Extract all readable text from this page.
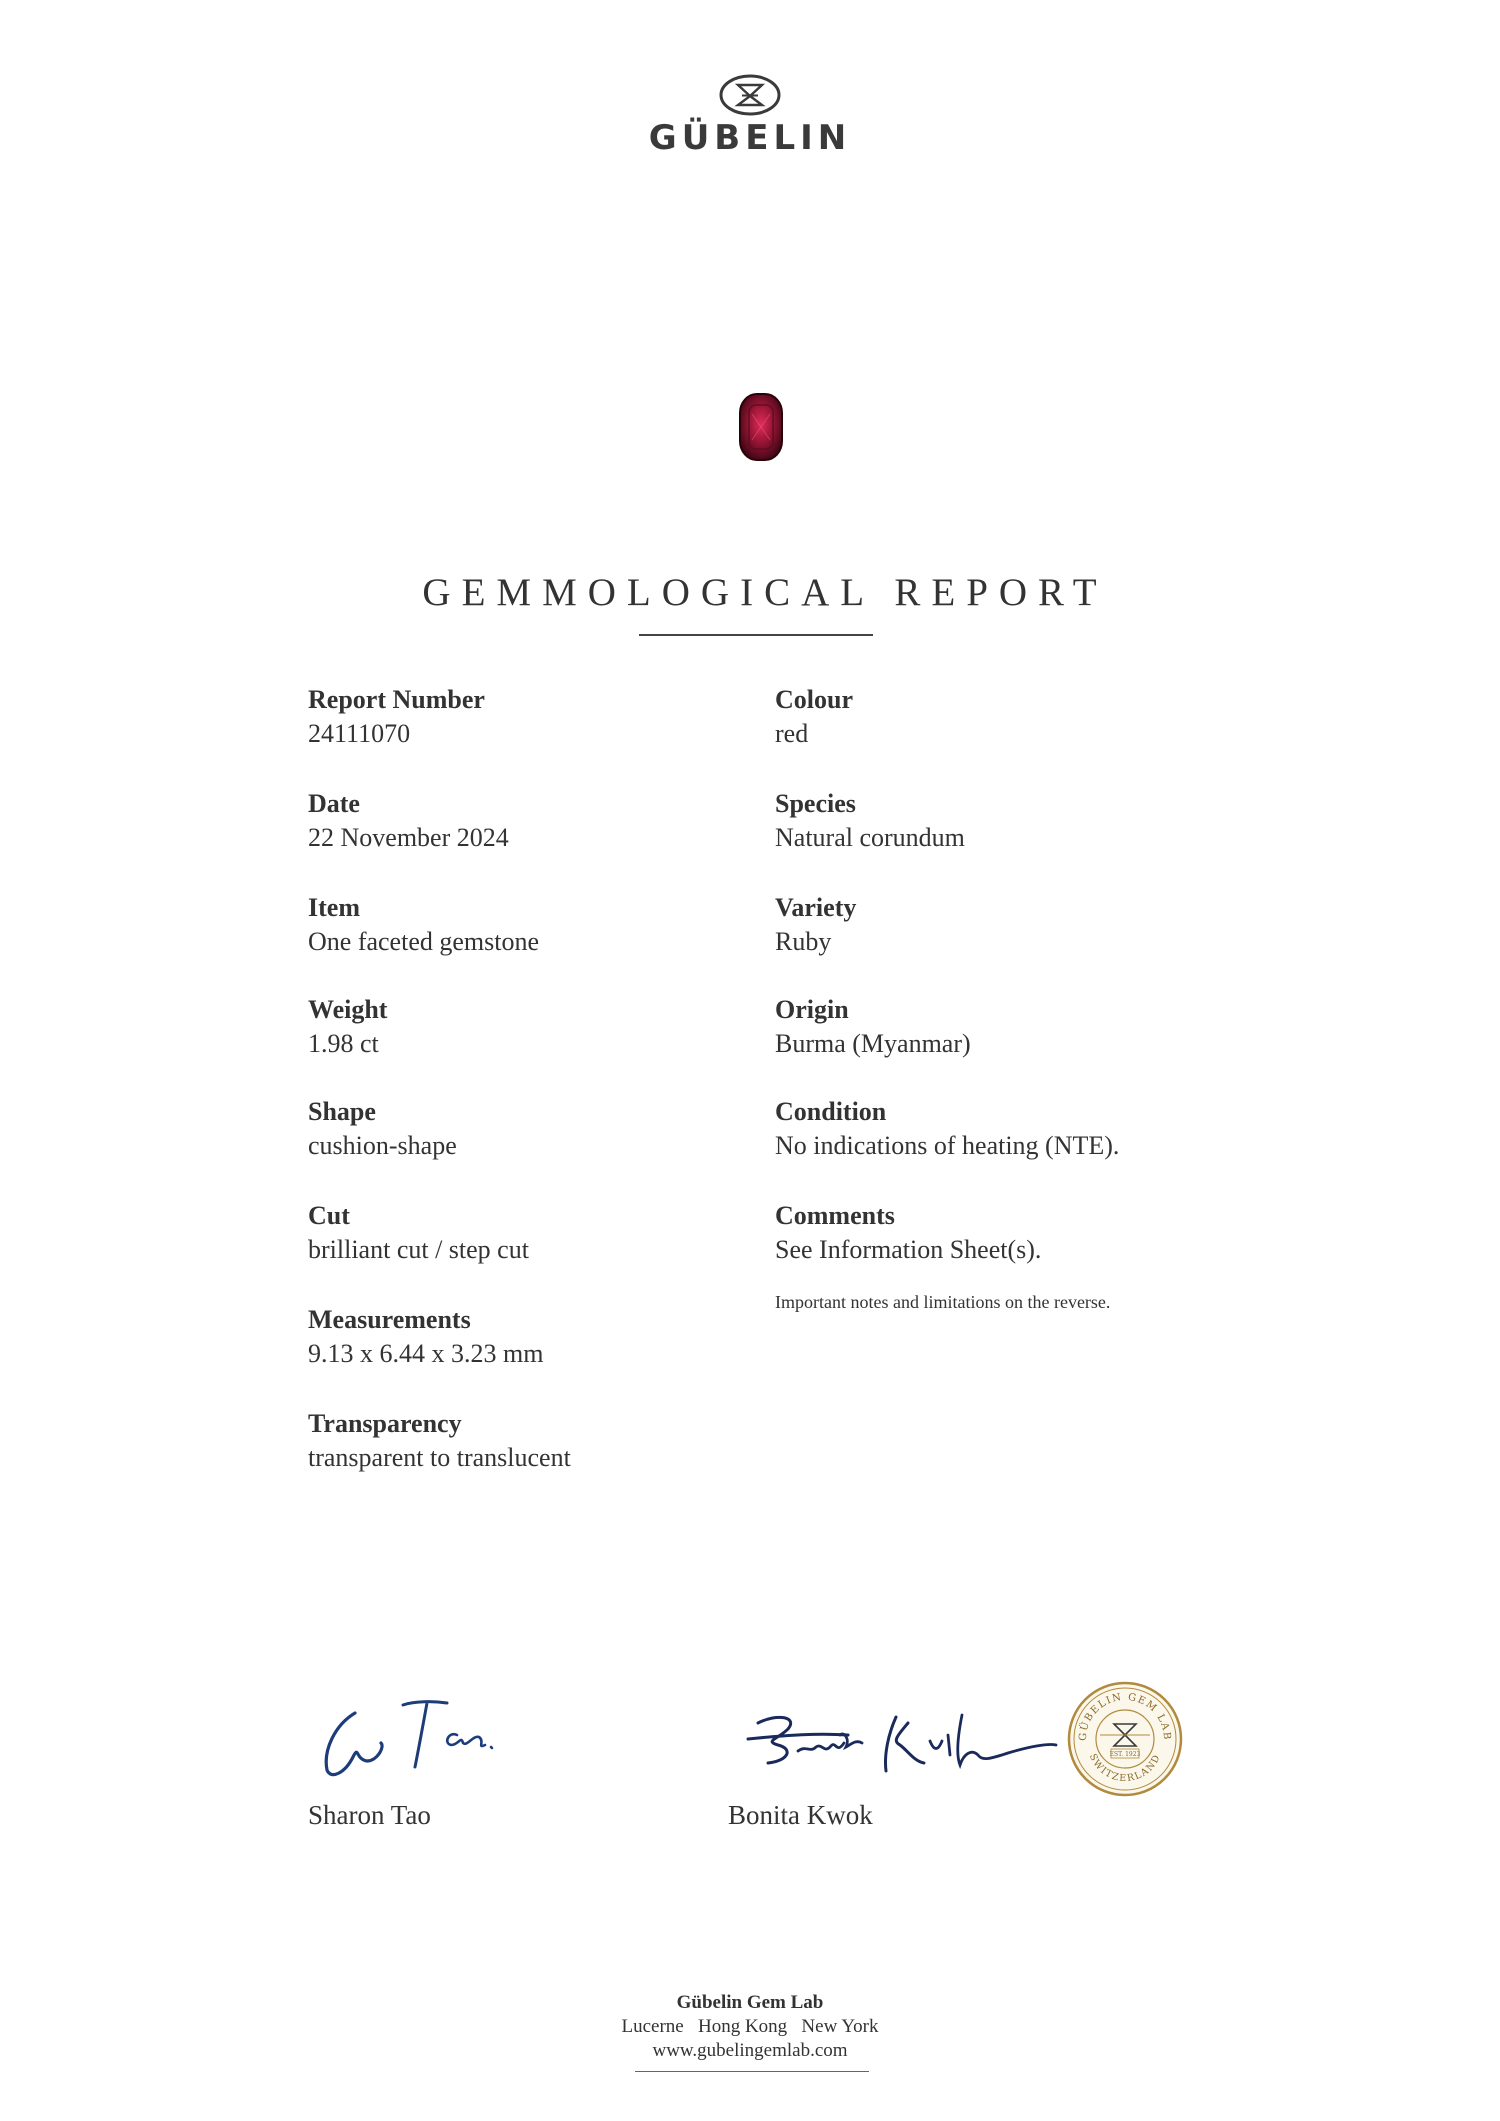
GÜBELIN
GEMMOLOGICAL REPORT
Report Number
24111070
Date
22 November 2024
Item
One faceted gemstone
Weight
1.98 ct
Shape
cushion-shape
Cut
brilliant cut / step cut
Measurements
9.13 x 6.44 x 3.23 mm
Transparency
transparent to translucent
Colour
red
Species
Natural corundum
Variety
Ruby
Origin
Burma (Myanmar)
Condition
No indications of heating (NTE).
Comments
See Information Sheet(s).
Important notes and limitations on the reverse.
Sharon Tao	Bonita Kwok
GÜBELIN GEM LAB
SWITZERLAND
EST. 1923
Gübelin Gem Lab
Lucerne   Hong Kong   New York
www.gubelingemlab.com
